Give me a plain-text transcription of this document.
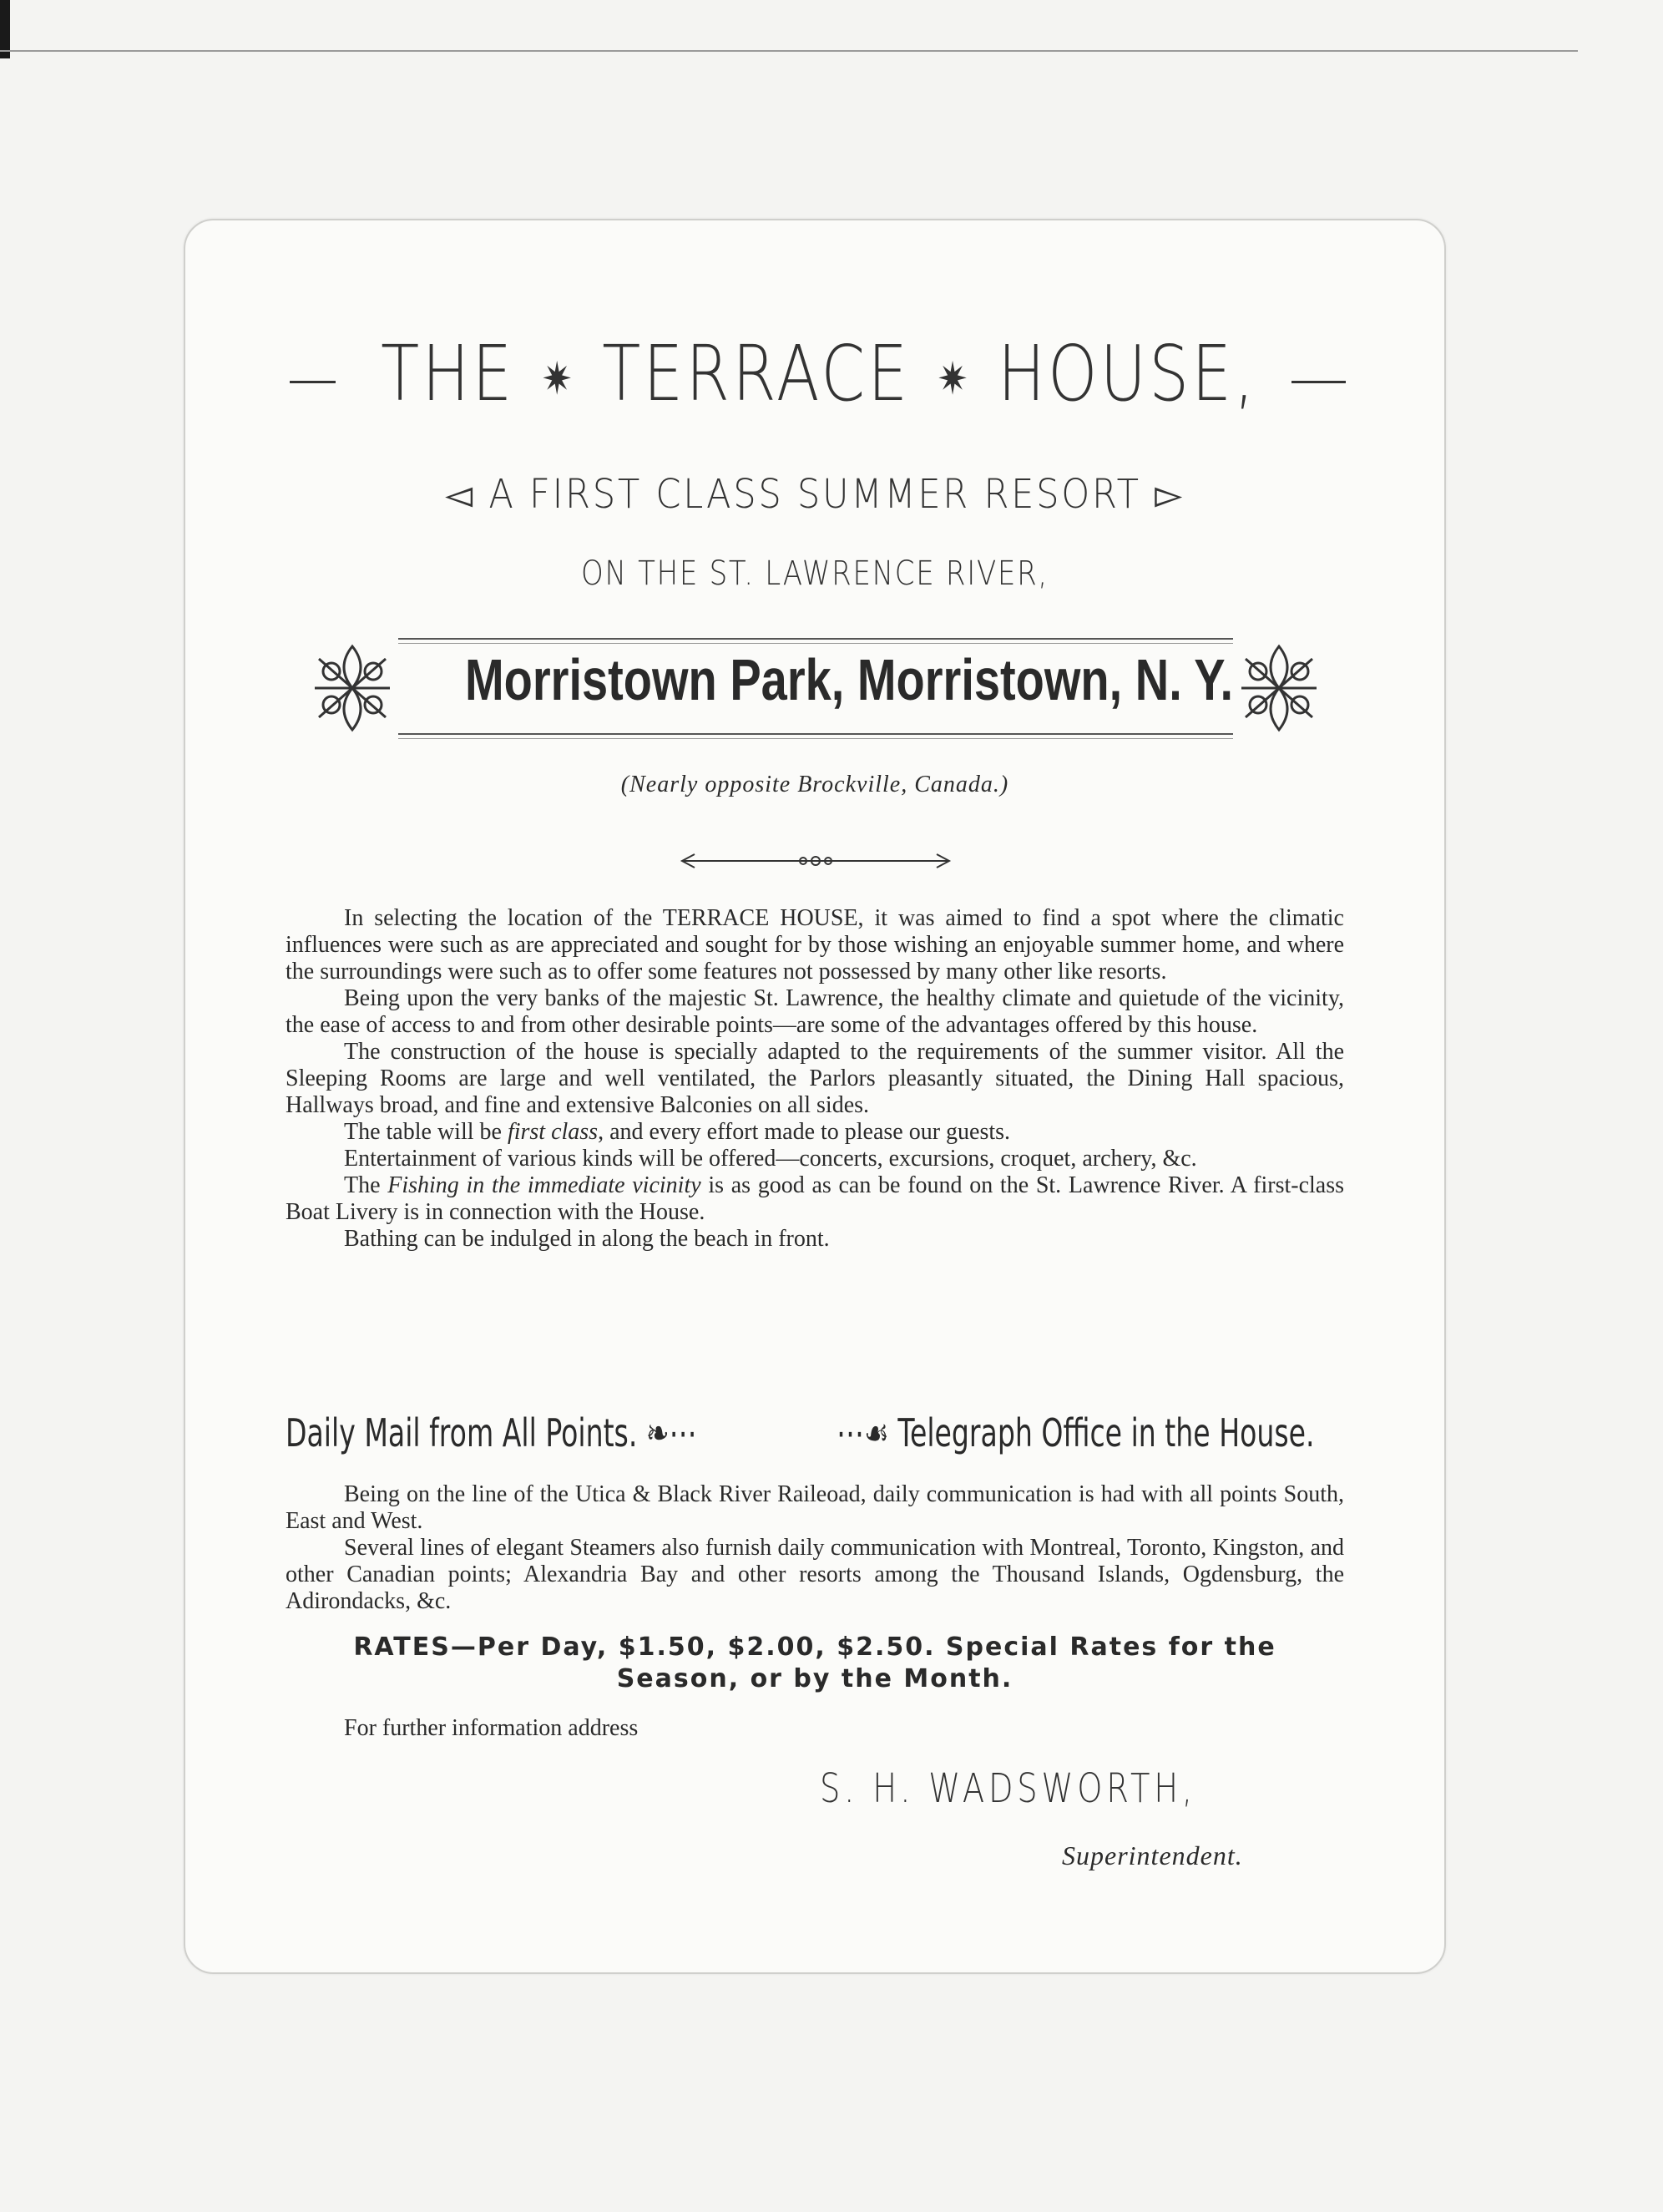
THE ✷ TERRACE ✷ HOUSE,
◅ A FIRST CLASS SUMMER RESORT ▻
ON THE ST. LAWRENCE RIVER,
Morristown Park, Morristown, N. Y.
(Nearly opposite Brockville, Canada.)

In selecting the location of the TERRACE HOUSE, it was aimed to find a spot where the climatic influences were such as are appreciated and sought for by those wishing an enjoyable summer home, and where the surroundings were such as to offer some features not possessed by many other like resorts.

Being upon the very banks of the majestic St. Lawrence, the healthy climate and quietude of the vicinity, the ease of access to and from other desirable points—are some of the advantages offered by this house.

The construction of the house is specially adapted to the requirements of the summer visitor. All the Sleeping Rooms are large and well ventilated, the Parlors pleasantly situated, the Dining Hall spacious, Hallways broad, and fine and extensive Balconies on all sides.

The table will be first class, and every effort made to please our guests.

Entertainment of various kinds will be offered—concerts, excursions, croquet, archery, &c.

The Fishing in the immediate vicinity is as good as can be found on the St. Lawrence River. A first-class Boat Livery is in connection with the House.

Bathing can be indulged in along the beach in front.

Daily Mail from All Points. ❧⋯	⋯☙ Telegraph Office in the House.

Being on the line of the Utica & Black River Raileoad, daily communication is had with all points South, East and West.

Several lines of elegant Steamers also furnish daily communication with Montreal, Toronto, Kingston, and other Canadian points; Alexandria Bay and other resorts among the Thousand Islands, Ogdensburg, the Adirondacks, &c.

RATES—Per Day, $1.50, $2.00, $2.50. Special Rates for the
Season, or by the Month.
For further information address
S. H. WADSWORTH,
Superintendent.
